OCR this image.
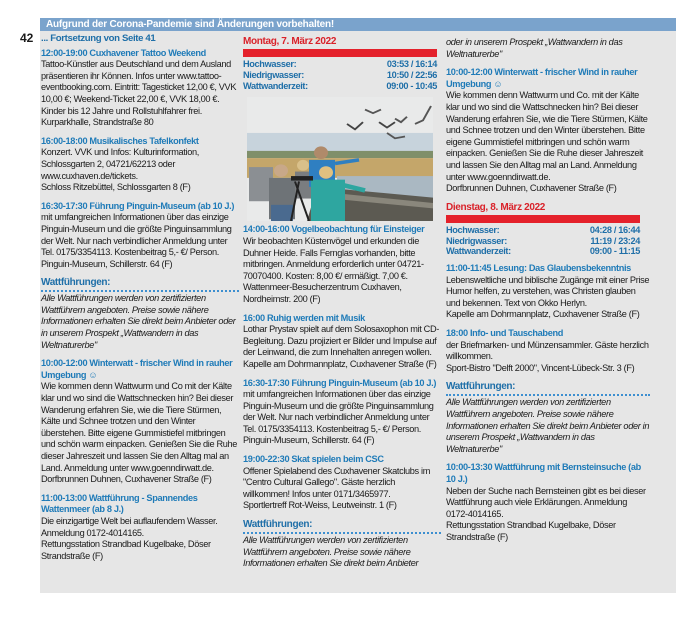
Aufgrund der Corona-Pandemie sind Änderungen vorbehalten!
42 ... Fortsetzung von Seite 41
12:00-19:00 Cuxhavener Tattoo Weekend
Tattoo-Künstler aus Deutschland und dem Ausland präsentieren ihr Können. Infos unter www.tattoo-eventbooking.com. Eintritt: Tagesticket 12,00 €, VVK 10,00 €; Weekend-Ticket 22,00 €, VVK 18,00 €. Kinder bis 12 Jahre und Rollstuhlfahrer frei.
Kurparkhalle, Strandstraße 80
16:00-18:00 Musikalisches Tafelkonfekt
Konzert. VVK und Infos: Kulturinformation, Schlossgarten 2, 04721/62213 oder www.cuxhaven.de/tickets.
Schloss Ritzebüttel, Schlossgarten 8 (F)
16:30-17:30 Führung Pinguin-Museum (ab 10 J.)
mit umfangreichen Informationen über das einzige Pinguin-Museum und die größte Pinguinsammlung der Welt. Nur nach verbindlicher Anmeldung unter Tel. 0175/3354113. Kostenbeitrag 5,- €/ Person.
Pinguin-Museum, Schillerstr. 64 (F)
Wattführungen:
Alle Wattführungen werden von zertifizierten Wattführern angeboten. Preise sowie nähere Informationen erhalten Sie direkt beim Anbieter oder in unserem Prospekt „Wattwandern in das Weltnaturerbe"
10:00-12:00 Winterwatt - frischer Wind in rauher Umgebung ☺
Wie kommen denn Wattwurm und Co mit der Kälte klar und wo sind die Wattschnecken hin? Bei dieser Wanderung erfahren Sie, wie die Tiere Stürmen, Kälte und Schnee trotzen und den Winter überstehen. Bitte eigene Gummistiefel mitbringen und schön warm einpacken. Genießen Sie die Ruhe dieser Jahreszeit und lassen Sie den Alltag mal an Land. Anmeldung unter www.goenndirwatt.de.
Dorfbrunnen Duhnen, Cuxhavener Straße (F)
11:00-13:00 Wattführung - Spannendes Wattenmeer (ab 8 J.)
Die einzigartige Welt bei auflaufendem Wasser. Anmeldung 0172-4014165.
Rettungsstation Strandbad Kugelbake, Döser Strandstraße (F)
Montag, 7. März 2022
Hochwasser:	03:53 / 16:14
Niedrigwasser:	10:50 / 22:56
Wattwanderzeit:	09:00 - 10:45
14:00-16:00 Vogelbeobachtung für Einsteiger
Wir beobachten Küstenvögel und erkunden die Duhner Heide. Falls Fernglas vorhanden, bitte mitbringen. Anmeldung erforderlich unter 04721-70070400. Kosten: 8,00 €/ ermäßigt. 7,00 €.
Wattenmeer-Besucherzentrum Cuxhaven, Nordheimstr. 200 (F)
16:00 Ruhig werden mit Musik
Lothar Prystav spielt auf dem Solosaxophon mit CD-Begleitung. Dazu projiziert er Bilder und Impulse auf der Leinwand, die zum Innehalten anregen wollen.
Kapelle am Dohrmannplatz, Cuxhavener Straße (F)
16:30-17:30 Führung Pinguin-Museum (ab 10 J.)
mit umfangreichen Informationen über das einzige Pinguin-Museum und die größte Pinguinsammlung der Welt. Nur nach verbindlicher Anmeldung unter Tel. 0175/3354113. Kostenbeitrag 5,- €/ Person.
Pinguin-Museum, Schillerstr. 64 (F)
19:00-22:30 Skat spielen beim CSC
Offener Spielabend des Cuxhavener Skatclubs im "Centro Cultural Gallego". Gäste herzlich willkommen! Infos unter 0171/3465977.
Sportlertreff Rot-Weiss, Leutweinstr. 1 (F)
Wattführungen:
Alle Wattführungen werden von zertifizierten Wattführern angeboten. Preise sowie nähere Informationen erhalten Sie direkt beim Anbieter
oder in unserem Prospekt „Wattwandern in das Weltnaturerbe"
10:00-12:00 Winterwatt - frischer Wind in rauher Umgebung ☺
Wie kommen denn Wattwurm und Co. mit der Kälte klar und wo sind die Wattschnecken hin? Bei dieser Wanderung erfahren Sie, wie die Tiere Stürmen, Kälte und Schnee trotzen und den Winter überstehen. Bitte eigene Gummistiefel mitbringen und schön warm einpacken. Genießen Sie die Ruhe dieser Jahreszeit und lassen Sie den Alltag mal an Land. Anmeldung unter www.goenndirwatt.de.
Dorfbrunnen Duhnen, Cuxhavener Straße (F)
Dienstag, 8. März 2022
Hochwasser:	04:28 / 16:44
Niedrigwasser:	11:19 / 23:24
Wattwanderzeit:	09:00 - 11:15
11:00-11:45 Lesung: Das Glaubensbekenntnis
Lebensweltliche und biblische Zugänge mit einer Prise Humor helfen, zu verstehen, was Christen glauben und bekennen. Text von Okko Herlyn.
Kapelle am Dohrmannplatz, Cuxhavener Straße (F)
18:00 Info- und Tauschabend
der Briefmarken- und Münzensammler. Gäste herzlich willkommen.
Sport-Bistro "Delft 2000", Vincent-Lübeck-Str. 3 (F)
Wattführungen:
Alle Wattführungen werden von zertifizierten Wattführern angeboten. Preise sowie nähere Informationen erhalten Sie direkt beim Anbieter oder in unserem Prospekt „Wattwandern in das Weltnaturerbe"
10:00-13:30 Wattführung mit Bernsteinsuche (ab 10 J.)
Neben der Suche nach Bernsteinen gibt es bei dieser Wattführung auch viele Erklärungen. Anmeldung 0172-4014165.
Rettungsstation Strandbad Kugelbake, Döser Strandstraße (F)
